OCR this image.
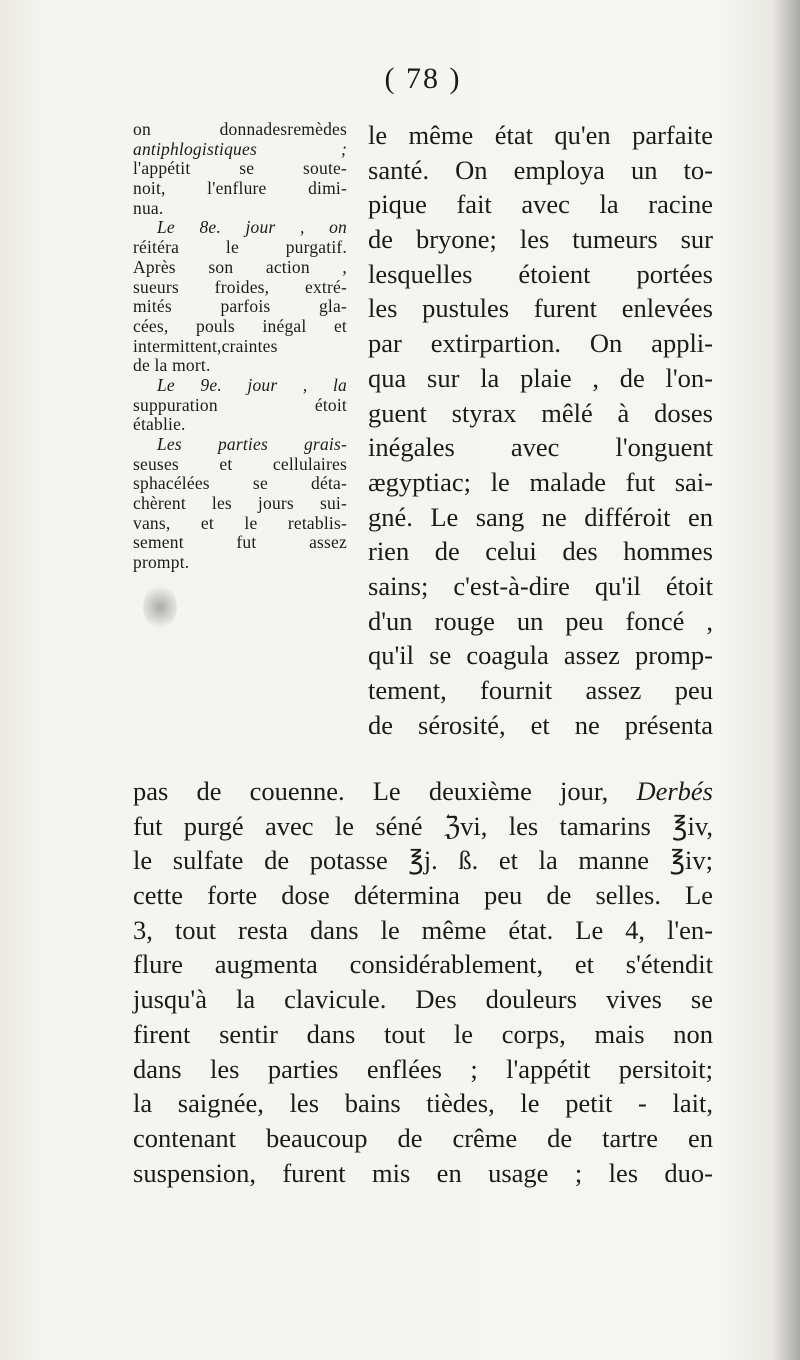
( 78 )
on donnadesremèdes
antiphlogistiques ;
l'appétit se soute-
noit, l'enflure dimi-
nua.
Le 8e. jour , on
réitéra le purgatif.
Après son action ,
sueurs froides, extré-
mités parfois gla-
cées, pouls inégal et
intermittent,craintes
de la mort.
Le 9e. jour , la
suppuration étoit
établie.
Les parties grais-
seuses et cellulaires
sphacélées se déta-
chèrent les jours sui-
vans, et le retablis-
sement fut assez
prompt.
le même état qu'en parfaite
santé. On employa un to-
pique fait avec la racine
de bryone; les tumeurs sur
lesquelles étoient portées
les pustules furent enlevées
par extirpartion. On appli-
qua sur la plaie , de l'on-
guent styrax mêlé à doses
inégales avec l'onguent
ægyptiac; le malade fut sai-
gné. Le sang ne différoit en
rien de celui des hommes
sains; c'est-à-dire qu'il étoit
d'un rouge un peu foncé ,
qu'il se coagula assez promp-
tement, fournit assez peu
de sérosité, et ne présenta
pas de couenne. Le deuxième jour, Derbés
fut purgé avec le séné ℨvi, les tamarins ℥iv,
le sulfate de potasse ℥j. ß. et la manne ℥iv;
cette forte dose détermina peu de selles. Le
3, tout resta dans le même état. Le 4, l'en-
flure augmenta considérablement, et s'étendit
jusqu'à la clavicule. Des douleurs vives se
firent sentir dans tout le corps, mais non
dans les parties enflées ; l'appétit persitoit;
la saignée, les bains tièdes, le petit - lait,
contenant beaucoup de crême de tartre en
suspension, furent mis en usage ; les duo-
